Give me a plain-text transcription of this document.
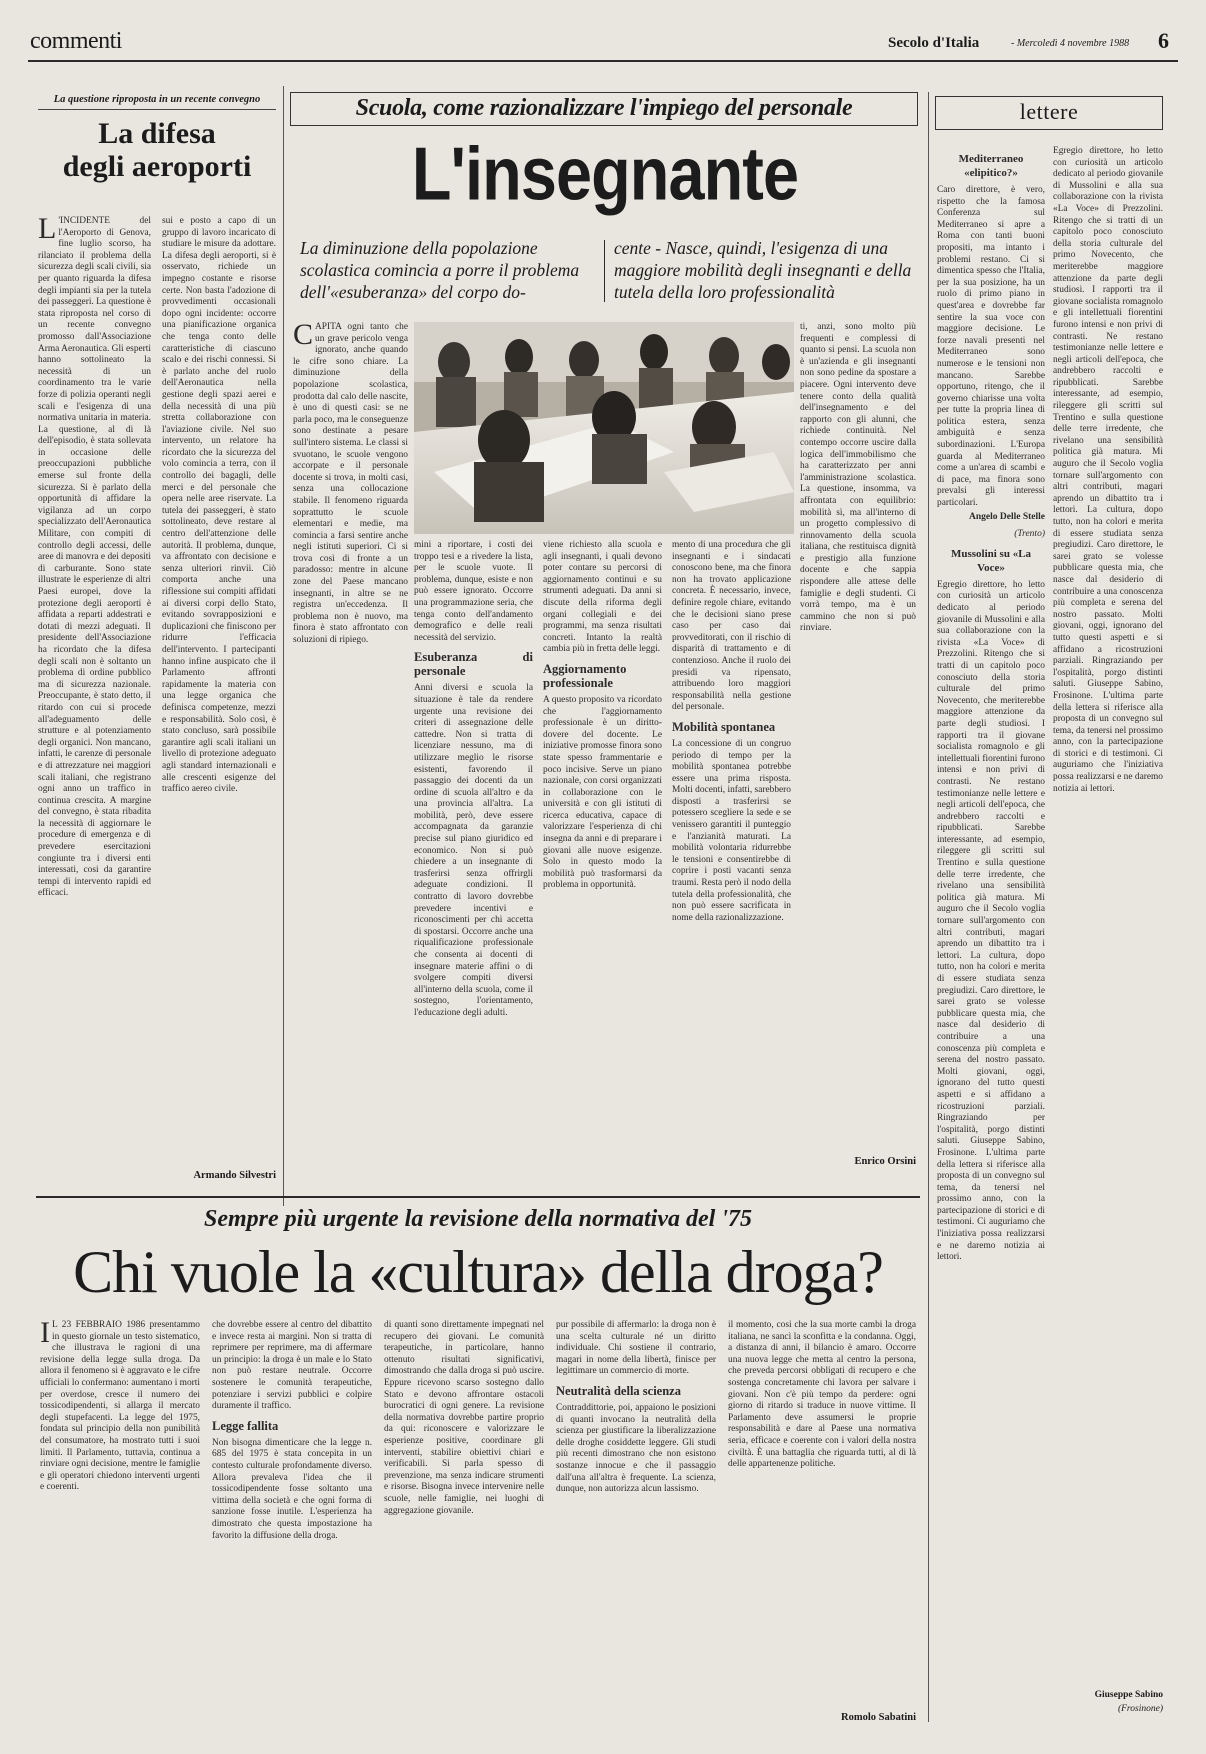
commenti	Secolo d'Italia	- Mercoledì 4 novembre 1988 6
La questione riproposta in un recente convegno
La difesa
degli aeroporti
L 'INCIDENTE del l'Aeroporto di Genova, fine luglio scorso, ha rilanciato il problema della sicurezza degli scali civili, sia per quanto riguarda la difesa degli impianti sia per la tutela dei passeggeri. La questione è stata riproposta nel corso di un recente convegno promosso dall'Associazione Arma Aeronautica. Gli esperti hanno sottolineato la necessità di un coordinamento tra le varie forze di polizia operanti negli scali e l'esigenza di una normativa unitaria in materia. La questione, al di là dell'episodio, è stata sollevata in occasione delle preoccupazioni pubbliche emerse sul fronte della sicurezza. Si è parlato della opportunità di affidare la vigilanza ad un corpo specializzato dell'Aeronautica Militare, con compiti di controllo degli accessi, delle aree di manovra e dei depositi di carburante. Sono state illustrate le esperienze di altri Paesi europei, dove la protezione degli aeroporti è affidata a reparti addestrati e dotati di mezzi adeguati. Il presidente dell'Associazione ha ricordato che la difesa degli scali non è soltanto un problema di ordine pubblico ma di sicurezza nazionale. Preoccupante, è stato detto, il ritardo con cui si procede all'adeguamento delle strutture e al potenziamento degli organici. Non mancano, infatti, le carenze di personale e di attrezzature nei maggiori scali italiani, che registrano ogni anno un traffico in continua crescita. A margine del convegno, è stata ribadita la necessità di aggiornare le procedure di emergenza e di prevedere esercitazioni congiunte tra i diversi enti interessati, cosi da garantire tempi di intervento rapidi ed efficaci.
sui e posto a capo di un gruppo di lavoro incaricato di studiare le misure da adottare. La difesa degli aeroporti, si è osservato, richiede un impegno costante e risorse certe. Non basta l'adozione di provvedimenti occasionali dopo ogni incidente: occorre una pianificazione organica che tenga conto delle caratteristiche di ciascuno scalo e dei rischi connessi. Si è parlato anche del ruolo dell'Aeronautica nella gestione degli spazi aerei e della necessità di una più stretta collaborazione con l'aviazione civile. Nel suo intervento, un relatore ha ricordato che la sicurezza del volo comincia a terra, con il controllo dei bagagli, delle merci e del personale che opera nelle aree riservate. La tutela dei passeggeri, è stato sottolineato, deve restare al centro dell'attenzione delle autorità. Il problema, dunque, va affrontato con decisione e senza ulteriori rinvii. Ciò comporta anche una riflessione sui compiti affidati ai diversi corpi dello Stato, evitando sovrapposizioni e duplicazioni che finiscono per ridurre l'efficacia dell'intervento. I partecipanti hanno infine auspicato che il Parlamento affronti rapidamente la materia con una legge organica che definisca competenze, mezzi e responsabilità. Solo così, è stato concluso, sarà possibile garantire agli scali italiani un livello di protezione adeguato agli standard internazionali e alle crescenti esigenze del traffico aereo civile.
Armando Silvestri
Scuola, come razionalizzare l'impiego del personale
L'insegnante
La diminuzione della popolazione scolastica comincia a porre il problema dell'«esuberanza» del corpo do-
cente - Nasce, quindi, l'esigenza di una maggiore mobilità degli insegnanti e della tutela della loro professionalità
C APITA ogni tanto che un grave pericolo venga ignorato, anche quando le cifre sono chiare. La diminuzione della popolazione scolastica, prodotta dal calo delle nascite, è uno di questi casi: se ne parla poco, ma le conseguenze sono destinate a pesare sull'intero sistema. Le classi si svuotano, le scuole vengono accorpate e il personale docente si trova, in molti casi, senza una collocazione stabile. Il fenomeno riguarda soprattutto le scuole elementari e medie, ma comincia a farsi sentire anche negli istituti superiori. Ci si trova così di fronte a un paradosso: mentre in alcune zone del Paese mancano insegnanti, in altre se ne registra un'eccedenza. Il problema non è nuovo, ma finora è stato affrontato con soluzioni di ripiego.
ti, anzi, sono molto più frequenti e complessi di quanto si pensi. La scuola non è un'azienda e gli insegnanti non sono pedine da spostare a piacere. Ogni intervento deve tenere conto della qualità dell'insegnamento e del rapporto con gli alunni, che richiede continuità. Nel contempo occorre uscire dalla logica dell'immobilismo che ha caratterizzato per anni l'amministrazione scolastica. La questione, insomma, va affrontata con equilibrio: mobilità sì, ma all'interno di un progetto complessivo di rinnovamento della scuola italiana, che restituisca dignità e prestigio alla funzione docente e che sappia rispondere alle attese delle famiglie e degli studenti. Ci vorrà tempo, ma è un cammino che non si può rinviare.
Enrico Orsini
mini a riportare, i costi dei troppo tesi e a rivedere la lista, per le scuole vuote. Il problema, dunque, esiste e non può essere ignorato. Occorre una programmazione seria, che tenga conto dell'andamento demografico e delle reali necessità del servizio.
Esuberanza di personale
Anni diversi e scuola la situazione è tale da rendere urgente una revisione dei criteri di assegnazione delle cattedre. Non si tratta di licenziare nessuno, ma di utilizzare meglio le risorse esistenti, favorendo il passaggio dei docenti da un ordine di scuola all'altro e da una provincia all'altra. La mobilità, però, deve essere accompagnata da garanzie precise sul piano giuridico ed economico. Non si può chiedere a un insegnante di trasferirsi senza offrirgli adeguate condizioni. Il contratto di lavoro dovrebbe prevedere incentivi e riconoscimenti per chi accetta di spostarsi. Occorre anche una riqualificazione professionale che consenta ai docenti di insegnare materie affini o di svolgere compiti diversi all'interno della scuola, come il sostegno, l'orientamento, l'educazione degli adulti.
viene richiesto alla scuola e agli insegnanti, i quali devono poter contare su percorsi di aggiornamento continui e su strumenti adeguati. Da anni si discute della riforma degli organi collegiali e dei programmi, ma senza risultati concreti. Intanto la realtà cambia più in fretta delle leggi.
Aggiornamento professionale
A questo proposito va ricordato che l'aggiornamento professionale è un diritto-dovere del docente. Le iniziative promosse finora sono state spesso frammentarie e poco incisive. Serve un piano nazionale, con corsi organizzati in collaborazione con le università e con gli istituti di ricerca educativa, capace di valorizzare l'esperienza di chi insegna da anni e di preparare i giovani alle nuove esigenze. Solo in questo modo la mobilità può trasformarsi da problema in opportunità.
mento di una procedura che gli insegnanti e i sindacati conoscono bene, ma che finora non ha trovato applicazione concreta. È necessario, invece, definire regole chiare, evitando che le decisioni siano prese caso per caso dai provveditorati, con il rischio di disparità di trattamento e di contenzioso. Anche il ruolo dei presidi va ripensato, attribuendo loro maggiori responsabilità nella gestione del personale.
Mobilità spontanea
La concessione di un congruo periodo di tempo per la mobilità spontanea potrebbe essere una prima risposta. Molti docenti, infatti, sarebbero disposti a trasferirsi se potessero scegliere la sede e se venissero garantiti il punteggio e l'anzianità maturati. La mobilità volontaria ridurrebbe le tensioni e consentirebbe di coprire i posti vacanti senza traumi. Resta però il nodo della tutela della professionalità, che non può essere sacrificata in nome della razionalizzazione.
lettere
Mediterraneo «elipitico?»
Caro direttore, è vero, rispetto che la famosa Conferenza sul Mediterraneo si apre a Roma con tanti buoni propositi, ma intanto i problemi restano. Ci si dimentica spesso che l'Italia, per la sua posizione, ha un ruolo di primo piano in quest'area e dovrebbe far sentire la sua voce con maggiore decisione. Le forze navali presenti nel Mediterraneo sono numerose e le tensioni non mancano. Sarebbe opportuno, ritengo, che il governo chiarisse una volta per tutte la propria linea di politica estera, senza ambiguità e senza subordinazioni. L'Europa guarda al Mediterraneo come a un'area di scambi e di pace, ma finora sono prevalsi gli interessi particolari.
Angelo Delle Stelle
(Trento)
Mussolini su «La Voce»
Egregio direttore, ho letto con curiosità un articolo dedicato al periodo giovanile di Mussolini e alla sua collaborazione con la rivista «La Voce» di Prezzolini. Ritengo che si tratti di un capitolo poco conosciuto della storia culturale del primo Novecento, che meriterebbe maggiore attenzione da parte degli studiosi. I rapporti tra il giovane socialista romagnolo e gli intellettuali fiorentini furono intensi e non privi di contrasti. Ne restano testimonianze nelle lettere e negli articoli dell'epoca, che andrebbero raccolti e ripubblicati. Sarebbe interessante, ad esempio, rileggere gli scritti sul Trentino e sulla questione delle terre irredente, che rivelano una sensibilità politica già matura. Mi auguro che il Secolo voglia tornare sull'argomento con altri contributi, magari aprendo un dibattito tra i lettori. La cultura, dopo tutto, non ha colori e merita di essere studiata senza pregiudizi. Caro direttore, le sarei grato se volesse pubblicare questa mia, che nasce dal desiderio di contribuire a una conoscenza più completa e serena del nostro passato. Molti giovani, oggi, ignorano del tutto questi aspetti e si affidano a ricostruzioni parziali. Ringraziando per l'ospitalità, porgo distinti saluti. Giuseppe Sabino, Frosinone. L'ultima parte della lettera si riferisce alla proposta di un convegno sul tema, da tenersi nel prossimo anno, con la partecipazione di storici e di testimoni. Ci auguriamo che l'iniziativa possa realizzarsi e ne daremo notizia ai lettori.
Egregio direttore, ho letto con curiosità un articolo dedicato al periodo giovanile di Mussolini e alla sua collaborazione con la rivista «La Voce» di Prezzolini. Ritengo che si tratti di un capitolo poco conosciuto della storia culturale del primo Novecento, che meriterebbe maggiore attenzione da parte degli studiosi. I rapporti tra il giovane socialista romagnolo e gli intellettuali fiorentini furono intensi e non privi di contrasti. Ne restano testimonianze nelle lettere e negli articoli dell'epoca, che andrebbero raccolti e ripubblicati. Sarebbe interessante, ad esempio, rileggere gli scritti sul Trentino e sulla questione delle terre irredente, che rivelano una sensibilità politica già matura. Mi auguro che il Secolo voglia tornare sull'argomento con altri contributi, magari aprendo un dibattito tra i lettori. La cultura, dopo tutto, non ha colori e merita di essere studiata senza pregiudizi. Caro direttore, le sarei grato se volesse pubblicare questa mia, che nasce dal desiderio di contribuire a una conoscenza più completa e serena del nostro passato. Molti giovani, oggi, ignorano del tutto questi aspetti e si affidano a ricostruzioni parziali. Ringraziando per l'ospitalità, porgo distinti saluti. Giuseppe Sabino, Frosinone. L'ultima parte della lettera si riferisce alla proposta di un convegno sul tema, da tenersi nel prossimo anno, con la partecipazione di storici e di testimoni. Ci auguriamo che l'iniziativa possa realizzarsi e ne daremo notizia ai lettori.
Giuseppe Sabino
(Frosinone)
Sempre più urgente la revisione della normativa del '75
Chi vuole la «cultura» della droga?
I L 23 FEBBRAIO 1986 presentammo in questo giornale un testo sistematico, che illustrava le ragioni di una revisione della legge sulla droga. Da allora il fenomeno si è aggravato e le cifre ufficiali lo confermano: aumentano i morti per overdose, cresce il numero dei tossicodipendenti, si allarga il mercato degli stupefacenti. La legge del 1975, fondata sul principio della non punibilità del consumatore, ha mostrato tutti i suoi limiti. Il Parlamento, tuttavia, continua a rinviare ogni decisione, mentre le famiglie e gli operatori chiedono interventi urgenti e coerenti.
che dovrebbe essere al centro del dibattito e invece resta ai margini. Non si tratta di reprimere per reprimere, ma di affermare un principio: la droga è un male e lo Stato non può restare neutrale. Occorre sostenere le comunità terapeutiche, potenziare i servizi pubblici e colpire duramente il traffico.
Legge fallita
Non bisogna dimenticare che la legge n. 685 del 1975 è stata concepita in un contesto culturale profondamente diverso. Allora prevaleva l'idea che il tossicodipendente fosse soltanto una vittima della società e che ogni forma di sanzione fosse inutile. L'esperienza ha dimostrato che questa impostazione ha favorito la diffusione della droga.
di quanti sono direttamente impegnati nel recupero dei giovani. Le comunità terapeutiche, in particolare, hanno ottenuto risultati significativi, dimostrando che dalla droga si può uscire. Eppure ricevono scarso sostegno dallo Stato e devono affrontare ostacoli burocratici di ogni genere. La revisione della normativa dovrebbe partire proprio da qui: riconoscere e valorizzare le esperienze positive, coordinare gli interventi, stabilire obiettivi chiari e verificabili. Si parla spesso di prevenzione, ma senza indicare strumenti e risorse. Bisogna invece intervenire nelle scuole, nelle famiglie, nei luoghi di aggregazione giovanile.
pur possibile di affermarlo: la droga non è una scelta culturale né un diritto individuale. Chi sostiene il contrario, magari in nome della libertà, finisce per legittimare un commercio di morte.
Neutralità della scienza
Contraddittorie, poi, appaiono le posizioni di quanti invocano la neutralità della scienza per giustificare la liberalizzazione delle droghe cosiddette leggere. Gli studi più recenti dimostrano che non esistono sostanze innocue e che il passaggio dall'una all'altra è frequente. La scienza, dunque, non autorizza alcun lassismo.
il momento, cosi che la sua morte cambi la droga italiana, ne sancì la sconfitta e la condanna. Oggi, a distanza di anni, il bilancio è amaro. Occorre una nuova legge che metta al centro la persona, che preveda percorsi obbligati di recupero e che sostenga concretamente chi lavora per salvare i giovani. Non c'è più tempo da perdere: ogni giorno di ritardo si traduce in nuove vittime. Il Parlamento deve assumersi le proprie responsabilità e dare al Paese una normativa seria, efficace e coerente con i valori della nostra civiltà. È una battaglia che riguarda tutti, al di là delle appartenenze politiche.
Romolo Sabatini
